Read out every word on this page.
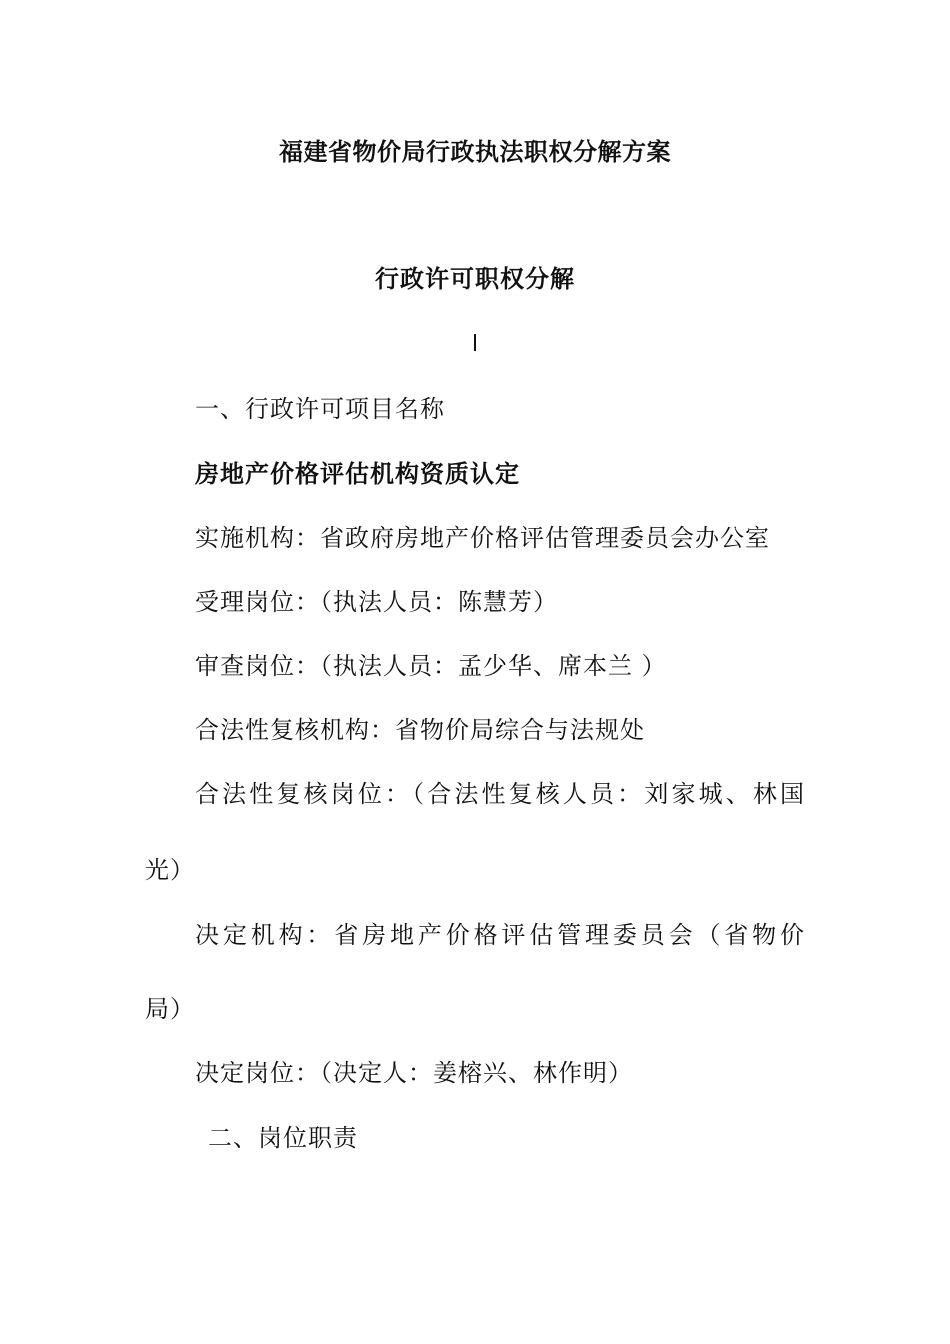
福建省物价局行政执法职权分解方案
行政许可职权分解
一、行政许可项目名称
房地产价格评估机构资质认定
实施机构：省政府房地产价格评估管理委员会办公室
受理岗位：（执法人员：陈慧芳）
审查岗位：（执法人员：孟少华、席本兰 ）
合法性复核机构：省物价局综合与法规处
合法性复核岗位：（合法性复核人员：刘家城、林国
光）
决定机构：省房地产价格评估管理委员会（省物价
局）
决定岗位：（决定人：姜榕兴、林作明）
二、岗位职责
